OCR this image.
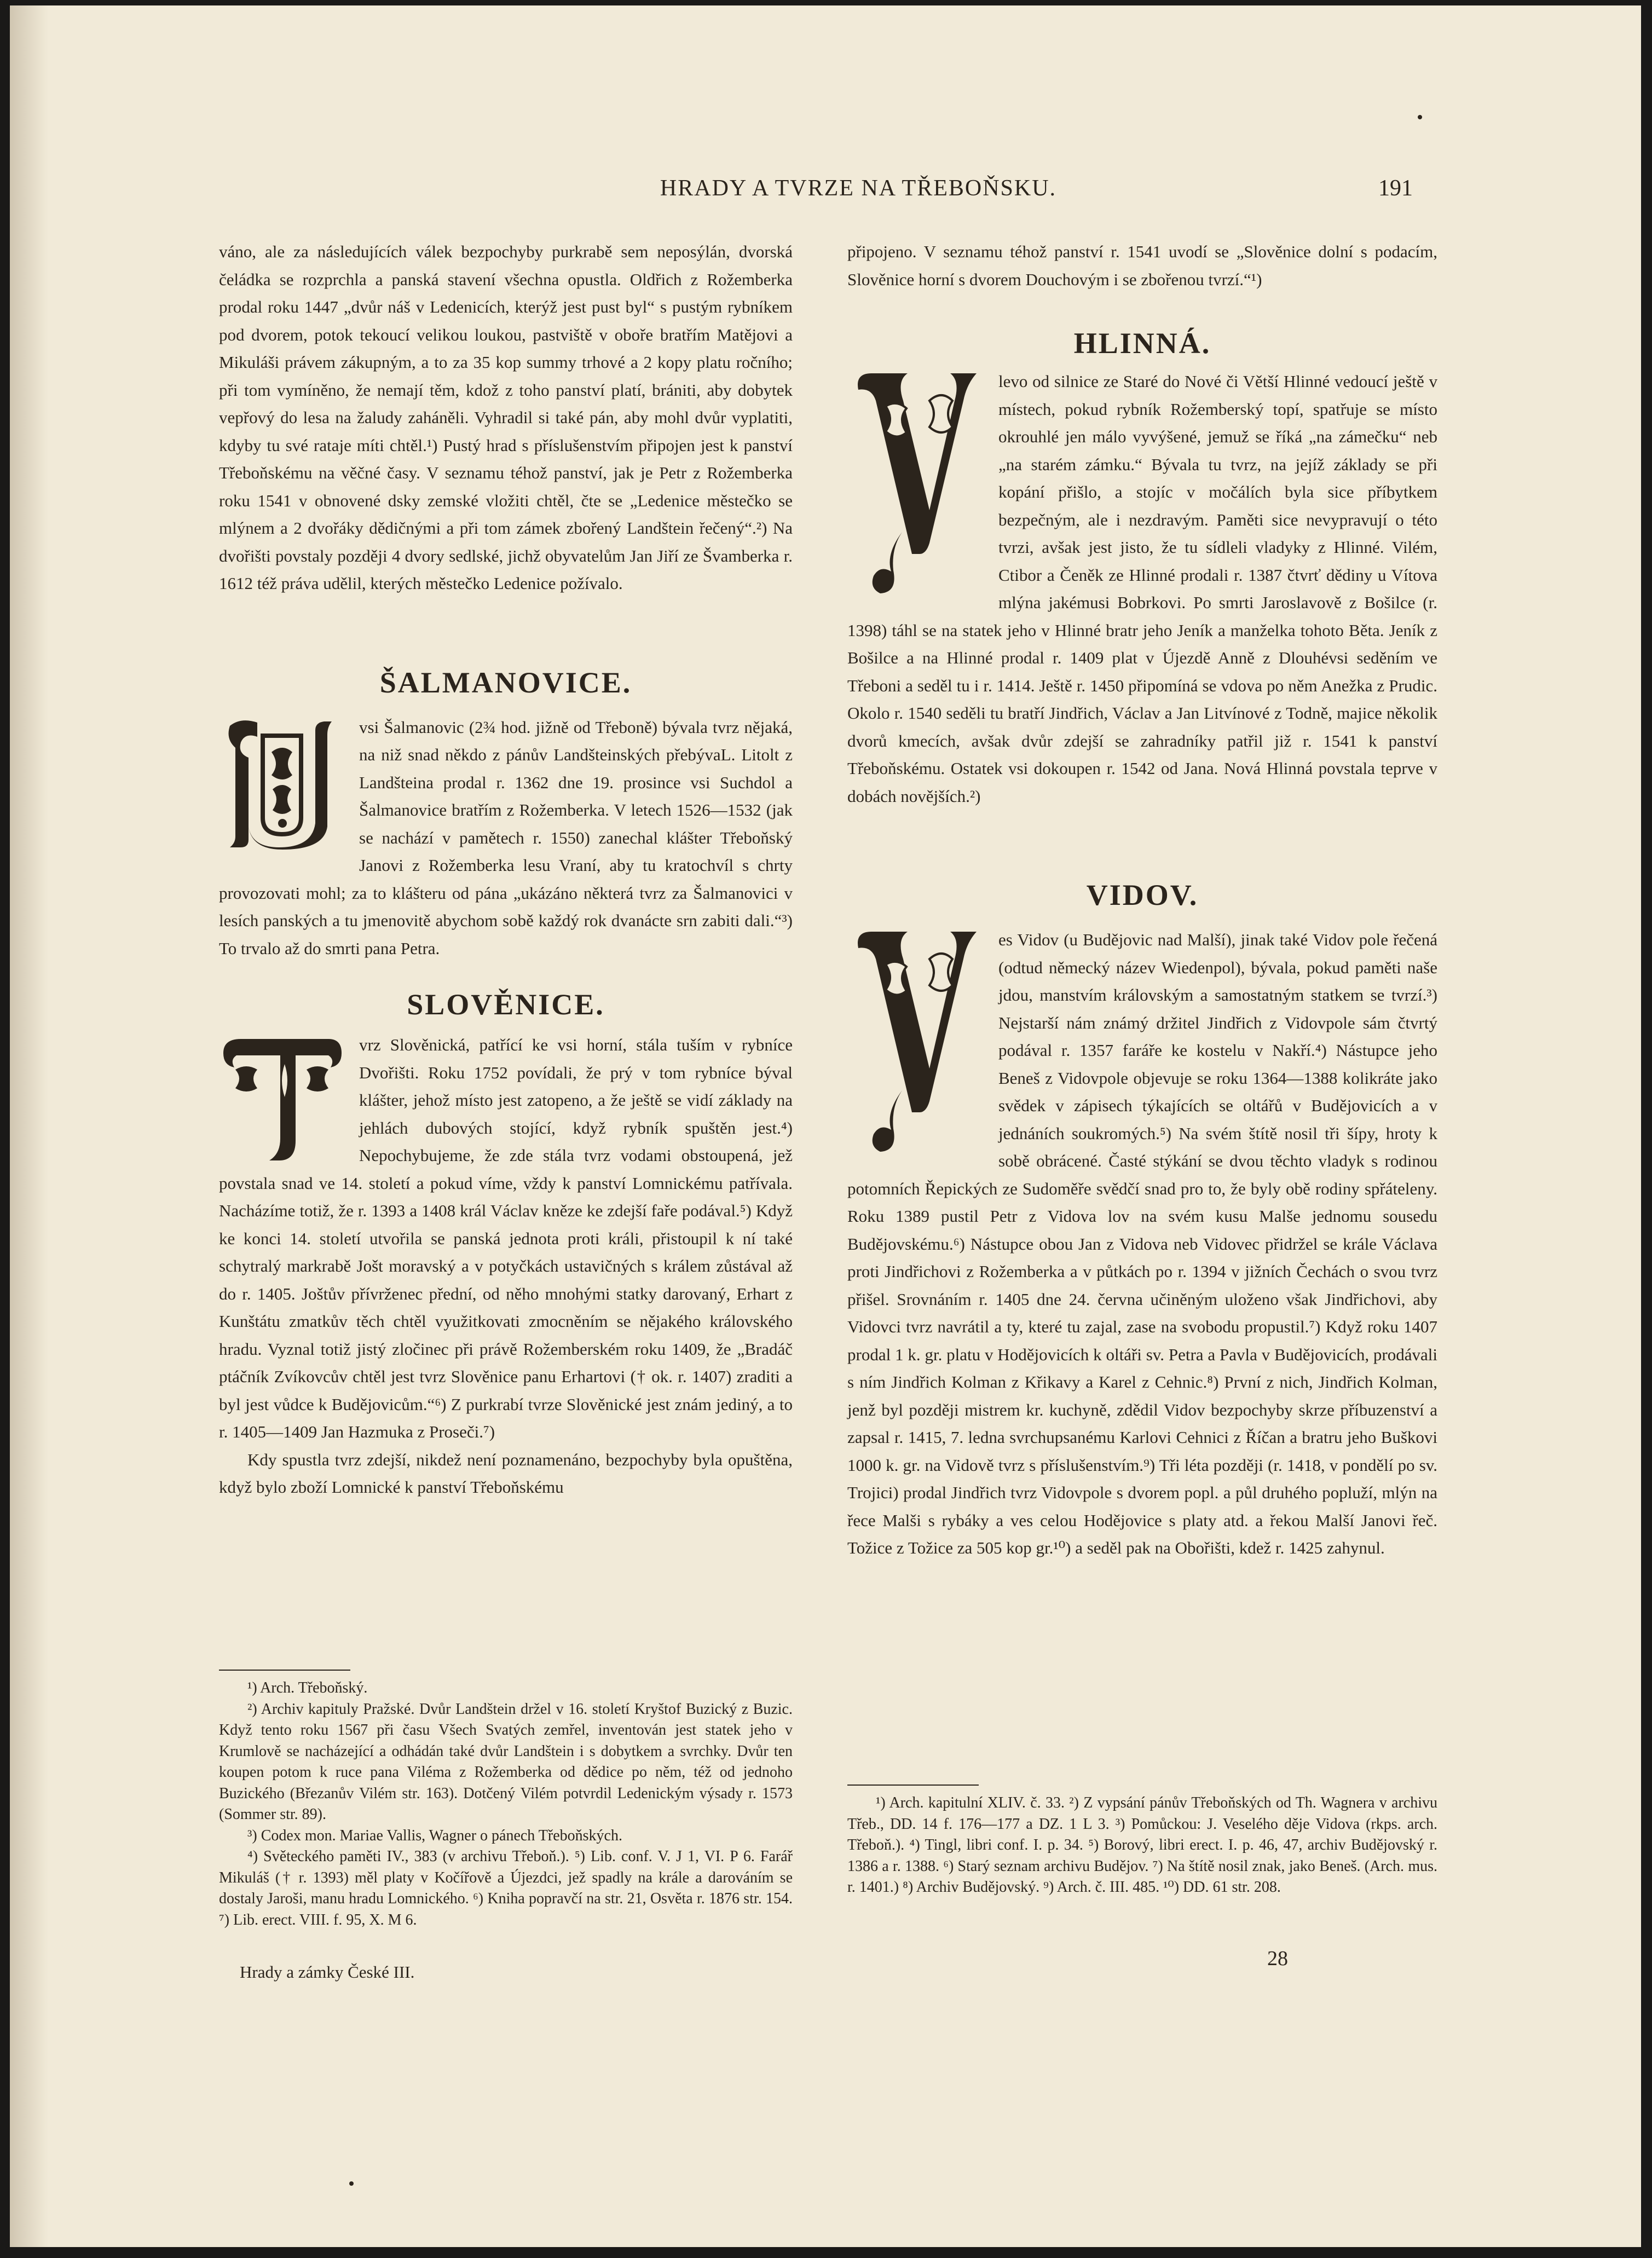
HRADY A TVRZE NA TŘEBOŇSKU.	191

váno, ale za následujících válek bezpochyby purkrabě sem neposýlán, dvorská čeládka se rozprchla a panská stavení všechna opustla. Oldřich z Rožemberka prodal roku 1447 „dvůr náš v Ledenicích, kterýž jest pust byl“ s pustým rybníkem pod dvorem, potok tekoucí velikou loukou, pastviště v oboře bratřím Matějovi a Mikuláši právem zákupným, a to za 35 kop summy trhové a 2 kopy platu ročního; při tom vymíněno, že nemají těm, kdož z toho panství platí, brániti, aby dobytek vepřový do lesa na žaludy zaháněli. Vyhradil si také pán, aby mohl dvůr vyplatiti, kdyby tu své rataje míti chtěl.¹) Pustý hrad s příslušenstvím připojen jest k panství Třeboňskému na věčné časy. V seznamu téhož panství, jak je Petr z Rožemberka roku 1541 v obnovené dsky zemské vložiti chtěl, čte se „Ledenice městečko se mlýnem a 2 dvořáky dědičnými a při tom zámek zbořený Landštein řečený“.²) Na dvořišti povstaly později 4 dvory sedlské, jichž obyvatelům Jan Jiří ze Švamberka r. 1612 též práva udělil, kterých městečko Ledenice požívalo.

ŠALMANOVICE.

vsi Šalmanovic (2¾ hod. jižně od Třeboně) bývala tvrz nějaká, na niž snad někdo z pánův Landšteinských přebývaL. Litolt z Landšteina prodal r. 1362 dne 19. prosince vsi Suchdol a Šalmanovice bratřím z Rožemberka. V letech 1526—1532 (jak se nachází v pamětech r. 1550) zanechal klášter Třeboňský Janovi z Rožemberka lesu Vraní, aby tu kratochvíl s chrty provozovati mohl; za to klášteru od pána „ukázáno některá tvrz za Šalmanovici v lesích panských a tu jmenovitě abychom sobě každý rok dvanácte srn zabiti dali.“³) To trvalo až do smrti pana Petra.

SLOVĚNICE.

vrz Slověnická, patřící ke vsi horní, stála tuším v rybníce Dvořišti. Roku 1752 povídali, že prý v tom rybníce býval klášter, jehož místo jest zatopeno, a že ještě se vidí základy na jehlách dubových stojící, když rybník spuštěn jest.⁴) Nepochybujeme, že zde stála tvrz vodami obstoupená, jež povstala snad ve 14. století a pokud víme, vždy k panství Lomnickému patřívala. Nacházíme totiž, že r. 1393 a 1408 král Václav kněze ke zdejší faře podával.⁵) Když ke konci 14. století utvořila se panská jednota proti králi, přistoupil k ní také schytralý markrabě Jošt moravský a v potyčkách ustavičných s králem zůstával až do r. 1405. Joštův přívrženec přední, od něho mnohými statky darovaný, Erhart z Kunštátu zmatkův těch chtěl využitkovati zmocněním se nějakého královského hradu. Vyznal totiž jistý zločinec při právě Rožemberském roku 1409, že „Bradáč ptáčník Zvíkovcův chtěl jest tvrz Slověnice panu Erhartovi († ok. r. 1407) zraditi a byl jest vůdce k Budějovicům.“⁶) Z purkrabí tvrze Slověnické jest znám jediný, a to r. 1405—1409 Jan Hazmuka z Proseči.⁷)

Kdy spustla tvrz zdejší, nikdež není poznamenáno, bezpochyby byla opuštěna, když bylo zboží Lomnické k panství Třeboňskému

¹) Arch. Třeboňský.

²) Archiv kapituly Pražské. Dvůr Landštein držel v 16. století Kryštof Buzický z Buzic. Když tento roku 1567 při času Všech Svatých zemřel, inventován jest statek jeho v Krumlově se nacházející a odhádán také dvůr Landštein i s dobytkem a svrchky. Dvůr ten koupen potom k ruce pana Viléma z Rožemberka od dědice po něm, též od jednoho Buzického (Březanův Vilém str. 163). Dotčený Vilém potvrdil Ledenickým výsady r. 1573 (Sommer str. 89).

³) Codex mon. Mariae Vallis, Wagner o pánech Třeboňských.

⁴) Světeckého paměti IV., 383 (v archivu Třeboň.). ⁵) Lib. conf. V. J 1, VI. P 6. Farář Mikuláš († r. 1393) měl platy v Kočířově a Újezdci, jež spadly na krále a darováním se dostaly Jaroši, manu hradu Lomnického. ⁶) Kniha popravčí na str. 21, Osvěta r. 1876 str. 154. ⁷) Lib. erect. VIII. f. 95, X. M 6.

Hrady a zámky České III.

připojeno. V seznamu téhož panství r. 1541 uvodí se „Slověnice dolní s podacím, Slověnice horní s dvorem Douchovým i se zbořenou tvrzí.“¹)

HLINNÁ.

levo od silnice ze Staré do Nové či Větší Hlinné vedoucí ještě v místech, pokud rybník Rožemberský topí, spatřuje se místo okrouhlé jen málo vyvýšené, jemuž se říká „na zámečku“ neb „na starém zámku.“ Bývala tu tvrz, na jejíž základy se při kopání přišlo, a stojíc v močálích byla sice příbytkem bezpečným, ale i nezdravým. Paměti sice nevypravují o této tvrzi, avšak jest jisto, že tu sídleli vladyky z Hlinné. Vilém, Ctibor a Čeněk ze Hlinné prodali r. 1387 čtvrť dědiny u Vítova mlýna jakémusi Bobrkovi. Po smrti Jaroslavově z Bošilce (r. 1398) táhl se na statek jeho v Hlinné bratr jeho Jeník a manželka tohoto Běta. Jeník z Bošilce a na Hlinné prodal r. 1409 plat v Újezdě Anně z Dlouhévsi seděním ve Třeboni a seděl tu i r. 1414. Ještě r. 1450 připomíná se vdova po něm Anežka z Prudic. Okolo r. 1540 seděli tu bratří Jindřich, Václav a Jan Litvínové z Todně, majice několik dvorů kmecích, avšak dvůr zdejší se zahradníky patřil již r. 1541 k panství Třeboňskému. Ostatek vsi dokoupen r. 1542 od Jana. Nová Hlinná povstala teprve v dobách novějších.²)

VIDOV.

es Vidov (u Budějovic nad Malší), jinak také Vidov pole řečená (odtud německý název Wiedenpol), bývala, pokud paměti naše jdou, manstvím královským a samostatným statkem se tvrzí.³) Nejstarší nám známý držitel Jindřich z Vidovpole sám čtvrtý podával r. 1357 faráře ke kostelu v Nakří.⁴) Nástupce jeho Beneš z Vidovpole objevuje se roku 1364—1388 kolikráte jako svědek v zápisech týkajících se oltářů v Budějovicích a v jednáních soukromých.⁵) Na svém štítě nosil tři šípy, hroty k sobě obrácené. Časté stýkání se dvou těchto vladyk s rodinou potomních Řepických ze Sudoměře svědčí snad pro to, že byly obě rodiny spřáteleny. Roku 1389 pustil Petr z Vidova lov na svém kusu Malše jednomu sousedu Budějovskému.⁶) Nástupce obou Jan z Vidova neb Vidovec přidržel se krále Václava proti Jindřichovi z Rožemberka a v půtkách po r. 1394 v jižních Čechách o svou tvrz přišel. Srovnáním r. 1405 dne 24. června učiněným uloženo však Jindřichovi, aby Vidovci tvrz navrátil a ty, které tu zajal, zase na svobodu propustil.⁷) Když roku 1407 prodal 1 k. gr. platu v Hodějovicích k oltáři sv. Petra a Pavla v Budějovicích, prodávali s ním Jindřich Kolman z Křikavy a Karel z Cehnic.⁸) První z nich, Jindřich Kolman, jenž byl později mistrem kr. kuchyně, zdědil Vidov bezpochyby skrze příbuzenství a zapsal r. 1415, 7. ledna svrchupsanému Karlovi Cehnici z Říčan a bratru jeho Buškovi 1000 k. gr. na Vidově tvrz s příslušenstvím.⁹) Tři léta později (r. 1418, v pondělí po sv. Trojici) prodal Jindřich tvrz Vidovpole s dvorem popl. a půl druhého popluží, mlýn na řece Malši s rybáky a ves celou Hodějovice s platy atd. a řekou Malší Janovi řeč. Tožice z Tožice za 505 kop gr.¹⁰) a seděl pak na Obořišti, kdež r. 1425 zahynul.

¹) Arch. kapitulní XLIV. č. 33. ²) Z vypsání pánův Třeboňských od Th. Wagnera v archivu Třeb., DD. 14 f. 176—177 a DZ. 1 L 3. ³) Pomůckou: J. Veselého děje Vidova (rkps. arch. Třeboň.). ⁴) Tingl, libri conf. I. p. 34. ⁵) Borový, libri erect. I. p. 46, 47, archiv Budějovský r. 1386 a r. 1388. ⁶) Starý seznam archivu Budějov. ⁷) Na štítě nosil znak, jako Beneš. (Arch. mus. r. 1401.) ⁸) Archiv Budějovský. ⁹) Arch. č. III. 485. ¹⁰) DD. 61 str. 208.

28
